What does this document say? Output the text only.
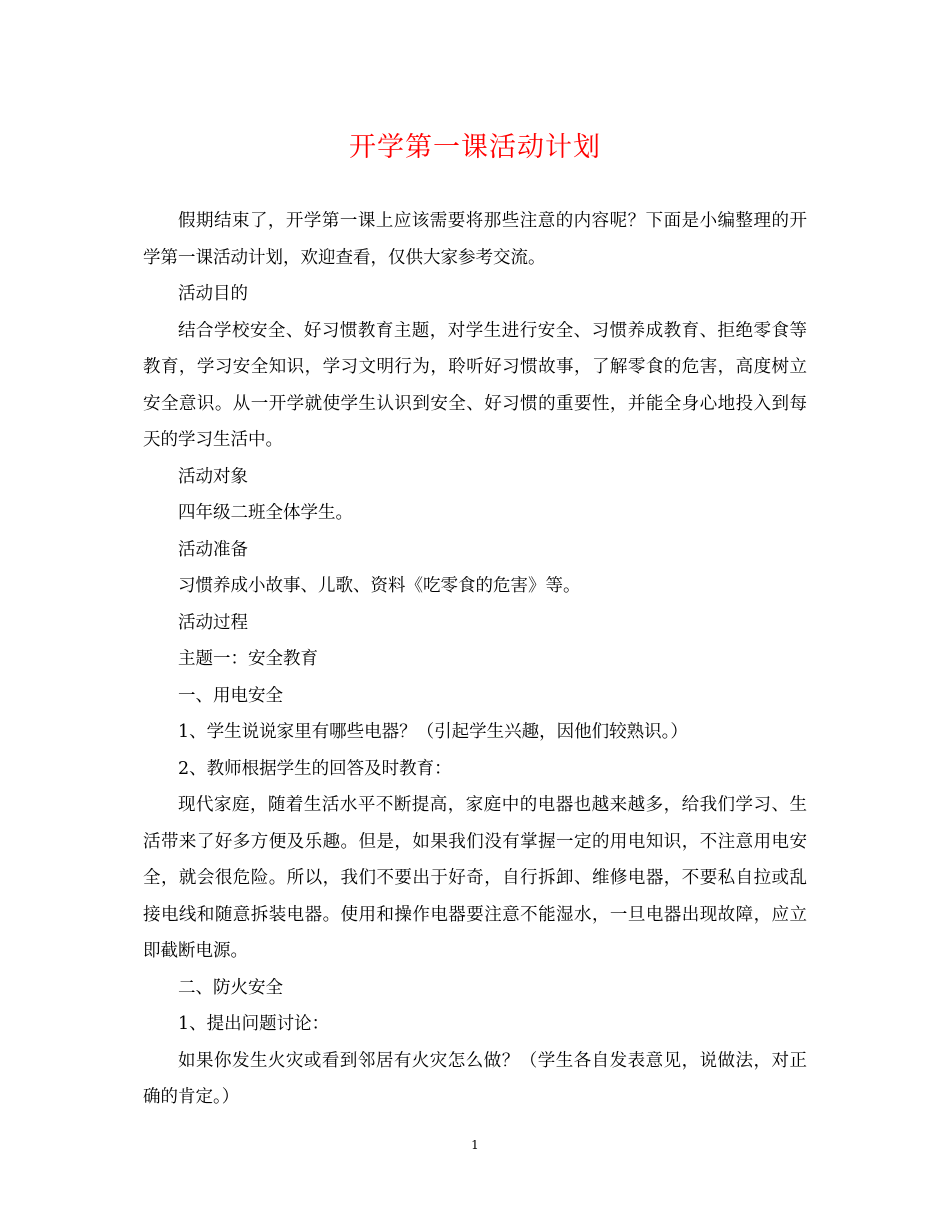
开学第一课活动计划

假期结束了，开学第一课上应该需要将那些注意的内容呢？下面是小编整理的开学第一课活动计划，欢迎查看，仅供大家参考交流。

活动目的

结合学校安全、好习惯教育主题，对学生进行安全、习惯养成教育、拒绝零食等教育，学习安全知识，学习文明行为，聆听好习惯故事，了解零食的危害，高度树立安全意识。从一开学就使学生认识到安全、好习惯的重要性，并能全身心地投入到每天的学习生活中。

活动对象

四年级二班全体学生。

活动准备

习惯养成小故事、儿歌、资料《吃零食的危害》等。

活动过程

主题一：安全教育

一、用电安全

1、学生说说家里有哪些电器？（引起学生兴趣，因他们较熟识。）

2、教师根据学生的回答及时教育：

现代家庭，随着生活水平不断提高，家庭中的电器也越来越多，给我们学习、生活带来了好多方便及乐趣。但是，如果我们没有掌握一定的用电知识，不注意用电安全，就会很危险。所以，我们不要出于好奇，自行拆卸、维修电器，不要私自拉或乱接电线和随意拆装电器。使用和操作电器要注意不能湿水，一旦电器出现故障，应立即截断电源。

二、防火安全

1、提出问题讨论：

如果你发生火灾或看到邻居有火灾怎么做？（学生各自发表意见，说做法，对正确的肯定。）

1
